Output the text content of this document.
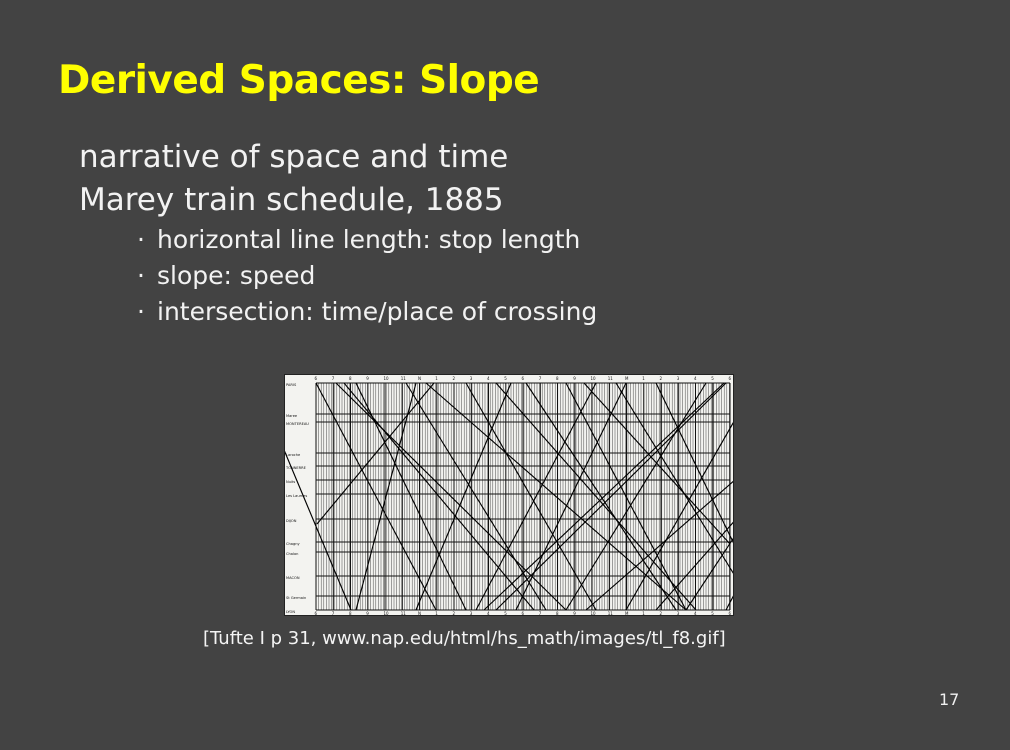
Derived Spaces: Slope
narrative of space and time
Marey train schedule, 1885
· horizontal line length: stop length
· slope: speed
· intersection: time/place of crossing
PARIS
Maree
MONTEREAU
Laroche
TONNERRE
Nuits
Les Laumes
DIJON
Chagny
Chalon
MACON
St Germain
LYON
6
6
7
7
8
8
9
9
10
10
11
11
N
N
1
1
2
2
3
3
4
4
5
5
6
6
7
7
8
8
9
9
10
10
11
11
M
M
1
1
2
2
3
3
4
4
5
5
6
6
[Tufte I p 31, www.nap.edu/html/hs_math/images/tl_f8.gif]
17
